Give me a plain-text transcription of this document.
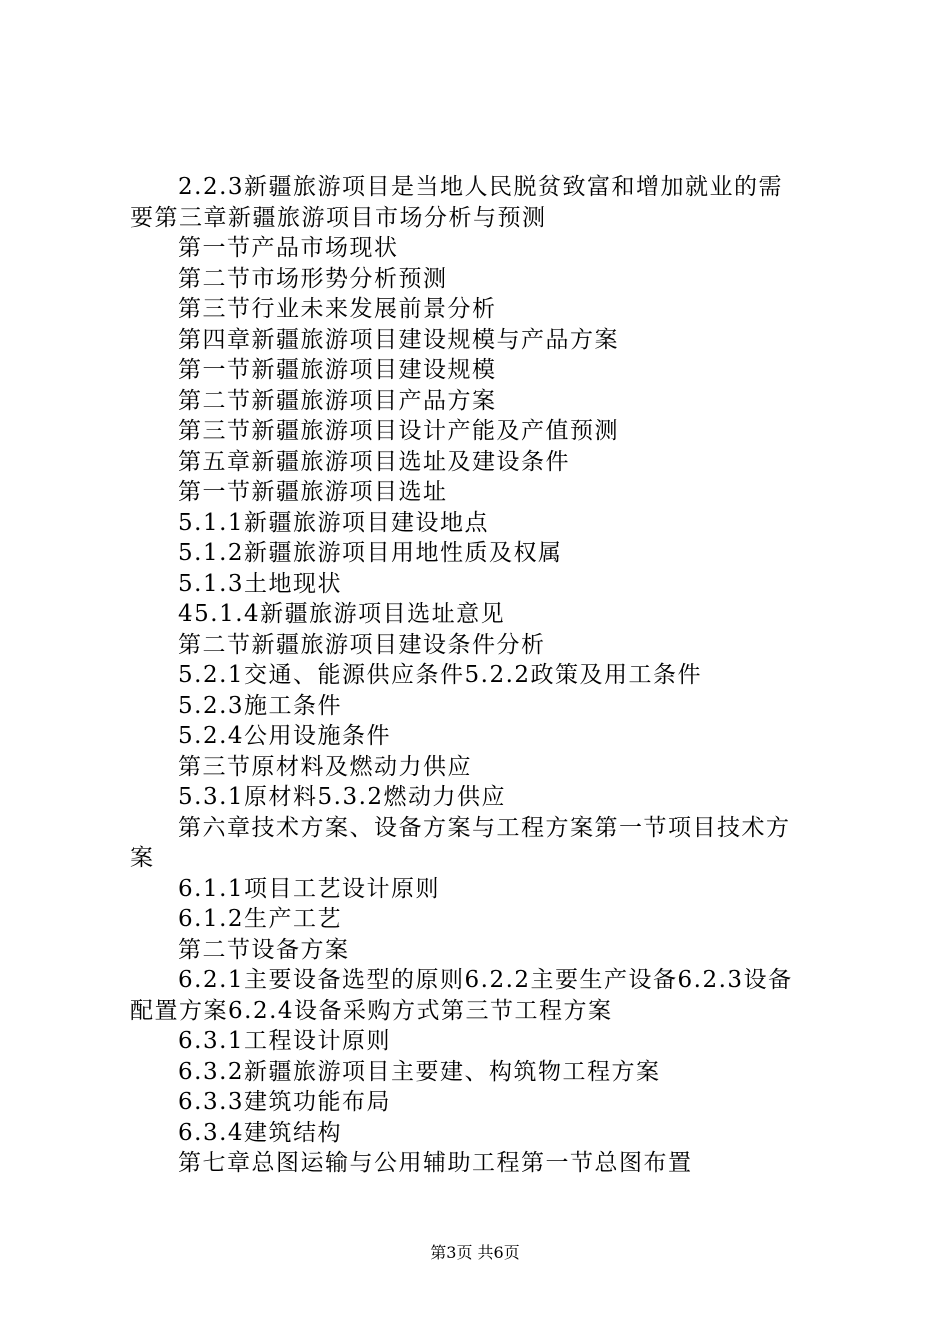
2.2.3新疆旅游项目是当地人民脱贫致富和增加就业的需
要第三章新疆旅游项目市场分析与预测
第一节产品市场现状
第二节市场形势分析预测
第三节行业未来发展前景分析
第四章新疆旅游项目建设规模与产品方案
第一节新疆旅游项目建设规模
第二节新疆旅游项目产品方案
第三节新疆旅游项目设计产能及产值预测
第五章新疆旅游项目选址及建设条件
第一节新疆旅游项目选址
5.1.1新疆旅游项目建设地点
5.1.2新疆旅游项目用地性质及权属
5.1.3土地现状
45.1.4新疆旅游项目选址意见
第二节新疆旅游项目建设条件分析
5.2.1交通、能源供应条件5.2.2政策及用工条件
5.2.3施工条件
5.2.4公用设施条件
第三节原材料及燃动力供应
5.3.1原材料5.3.2燃动力供应
第六章技术方案、设备方案与工程方案第一节项目技术方
案
6.1.1项目工艺设计原则
6.1.2生产工艺
第二节设备方案
6.2.1主要设备选型的原则6.2.2主要生产设备6.2.3设备
配置方案6.2.4设备采购方式第三节工程方案
6.3.1工程设计原则
6.3.2新疆旅游项目主要建、构筑物工程方案
6.3.3建筑功能布局
6.3.4建筑结构
第七章总图运输与公用辅助工程第一节总图布置
第3页 共6页
